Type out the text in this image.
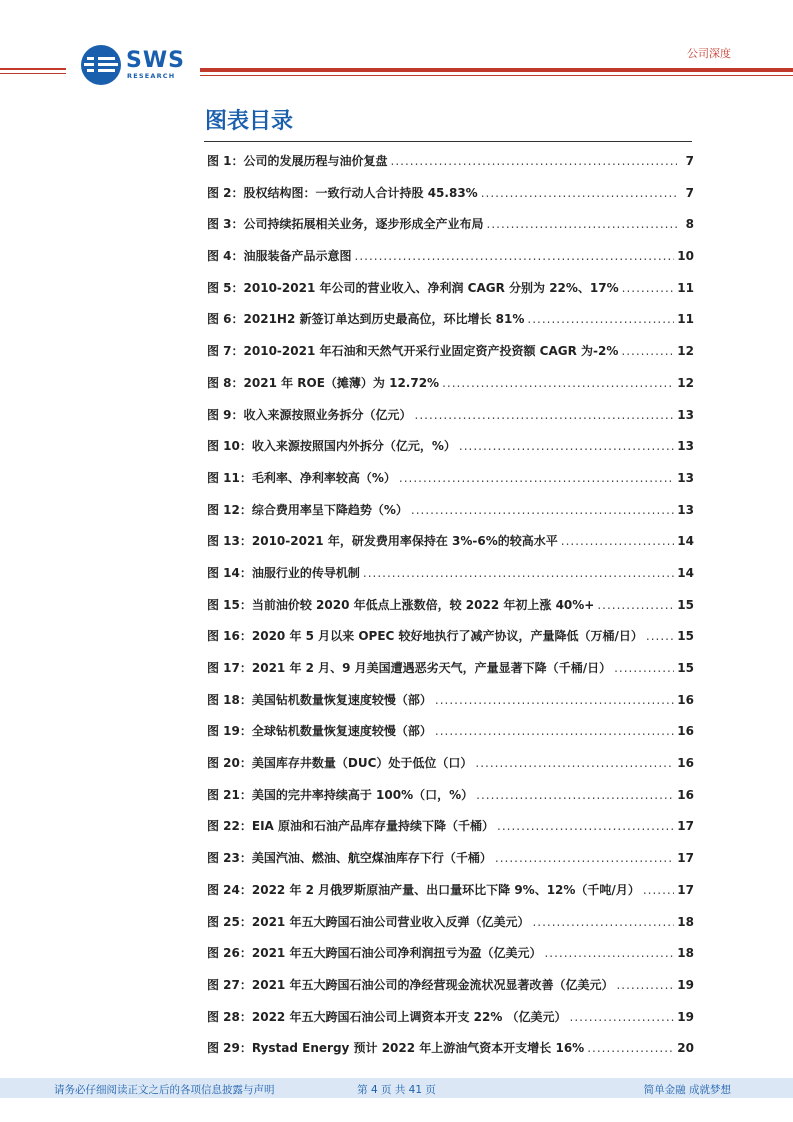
SWS
RESEARCH
公司深度
图表目录
图 1：公司的发展历程与油价复盘 .....	7
图 2：股权结构图：一致行动人合计持股 45.83% .....	7
图 3：公司持续拓展相关业务，逐步形成全产业布局 .....	8
图 4：油服装备产品示意图 .....	10
图 5：2010-2021 年公司的营业收入、净利润 CAGR 分别为 22%、17% .....	11
图 6：2021H2 新签订单达到历史最高位，环比增长 81% .....	11
图 7：2010-2021 年石油和天然气开采行业固定资产投资额 CAGR 为-2% .....	12
图 8：2021 年 ROE（摊薄）为 12.72% .....	12
图 9：收入来源按照业务拆分（亿元） .....	13
图 10：收入来源按照国内外拆分（亿元，%） .....	13
图 11：毛利率、净利率较高（%） .....	13
图 12：综合费用率呈下降趋势（%） .....	13
图 13：2010-2021 年，研发费用率保持在 3%-6%的较高水平 .....	14
图 14：油服行业的传导机制 .....	14
图 15：当前油价较 2020 年低点上涨数倍，较 2022 年初上涨 40%+ .....	15
图 16：2020 年 5 月以来 OPEC 较好地执行了减产协议，产量降低（万桶/日） .....	15
图 17：2021 年 2 月、9 月美国遭遇恶劣天气，产量显著下降（千桶/日） .....	15
图 18：美国钻机数量恢复速度较慢（部） .....	16
图 19：全球钻机数量恢复速度较慢（部） .....	16
图 20：美国库存井数量（DUC）处于低位（口） .....	16
图 21：美国的完井率持续高于 100%（口，%） .....	16
图 22：EIA 原油和石油产品库存量持续下降（千桶） .....	17
图 23：美国汽油、燃油、航空煤油库存下行（千桶） .....	17
图 24：2022 年 2 月俄罗斯原油产量、出口量环比下降 9%、12%（千吨/月） .....	17
图 25：2021 年五大跨国石油公司营业收入反弹（亿美元） .....	18
图 26：2021 年五大跨国石油公司净利润扭亏为盈（亿美元） .....	18
图 27：2021 年五大跨国石油公司的净经营现金流状况显著改善（亿美元） .....	19
图 28：2022 年五大跨国石油公司上调资本开支 22% （亿美元） .....	19
图 29：Rystad Energy 预计 2022 年上游油气资本开支增长 16% .....	20
请务必仔细阅读正文之后的各项信息披露与声明	第 4 页 共 41 页	简单金融 成就梦想
